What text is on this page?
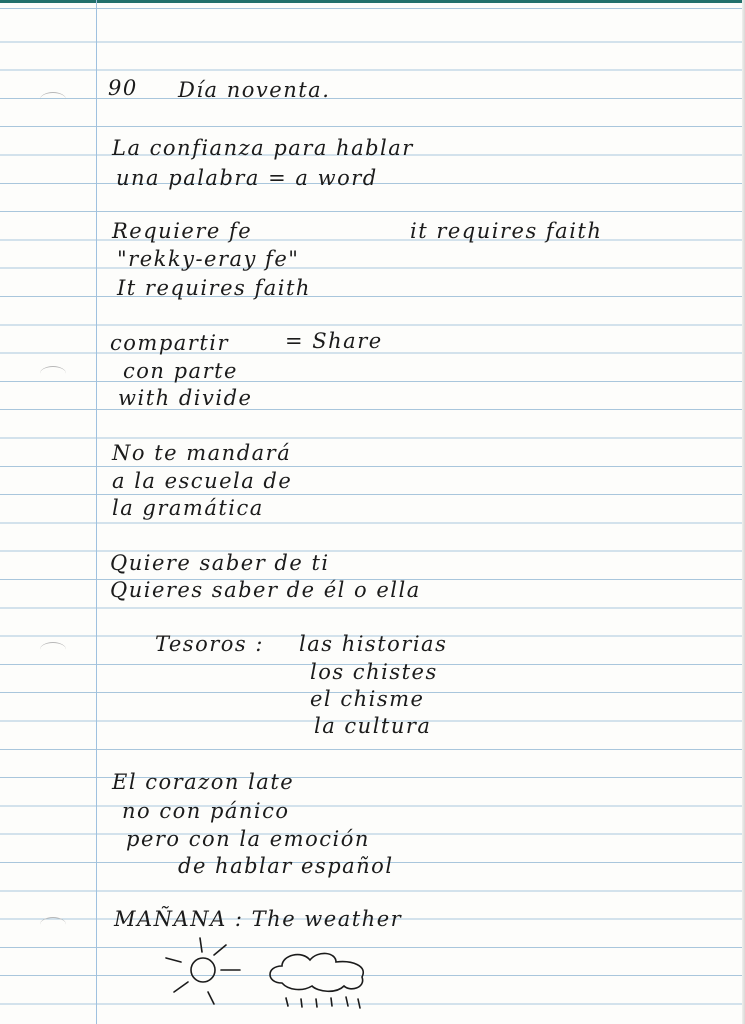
90 Día noventa.
La confianza para hablar
una palabra = a word
Requiere fe	it requires faith
"rekky-eray fe"
It requires faith
compartir	= Share
con parte
with divide
No te mandará
a la escuela de
la gramática
Quiere saber de ti
Quieres saber de él o ella
Tesoros : las historias
los chistes
el chisme
la cultura
El corazon late
no con pánico
pero con la emoción
de hablar español
MAÑANA : The weather
